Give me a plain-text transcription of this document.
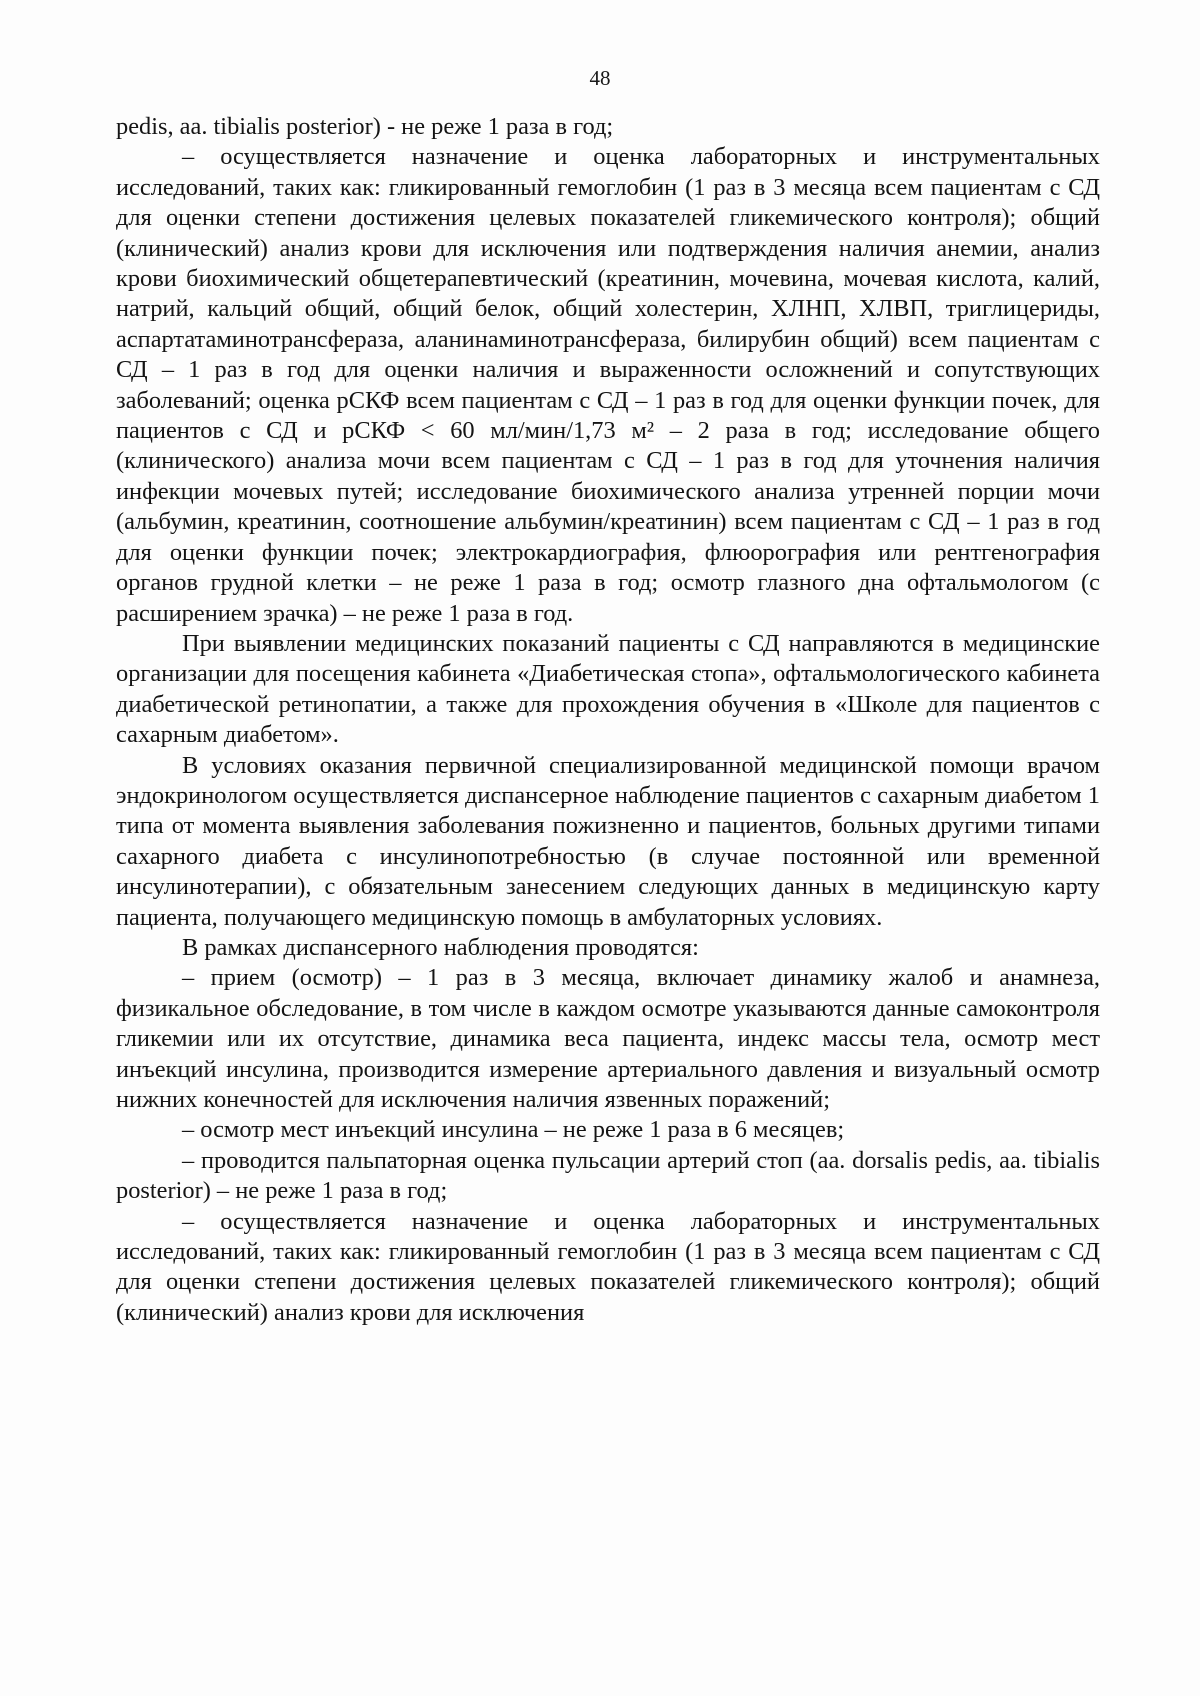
48

pedis, aa. tibialis posterior) - не реже 1 раза в год;

– осуществляется назначение и оценка лабораторных и инструментальных исследований, таких как: гликированный гемоглобин (1 раз в 3 месяца всем пациентам с СД для оценки степени достижения целевых показателей гликемического контроля); общий (клинический) анализ крови для исключения или подтверждения наличия анемии, анализ крови биохимический общетерапевтический (креатинин, мочевина, мочевая кислота, калий, натрий, кальций общий, общий белок, общий холестерин, ХЛНП, ХЛВП, триглицериды, аспартатаминотрансфераза, аланинаминотрансфераза, билирубин общий) всем пациентам с СД – 1 раз в год для оценки наличия и выраженности осложнений и сопутствующих заболеваний; оценка рСКФ всем пациентам с СД – 1 раз в год для оценки функции почек, для пациентов с СД и рСКФ < 60 мл/мин/1,73 м² – 2 раза в год; исследование общего (клинического) анализа мочи всем пациентам с СД – 1 раз в год для уточнения наличия инфекции мочевых путей; исследование биохимического анализа утренней порции мочи (альбумин, креатинин, соотношение альбумин/креатинин) всем пациентам с СД – 1 раз в год для оценки функции почек; электрокардиография, флюорография или рентгенография органов грудной клетки – не реже 1 раза в год; осмотр глазного дна офтальмологом (с расширением зрачка) – не реже 1 раза в год.

При выявлении медицинских показаний пациенты с СД направляются в медицинские организации для посещения кабинета «Диабетическая стопа», офтальмологического кабинета диабетической ретинопатии, а также для прохождения обучения в «Школе для пациентов с сахарным диабетом».

В условиях оказания первичной специализированной медицинской помощи врачом эндокринологом осуществляется диспансерное наблюдение пациентов с сахарным диабетом 1 типа от момента выявления заболевания пожизненно и пациентов, больных другими типами сахарного диабета с инсулинопотребностью (в случае постоянной или временной инсулинотерапии), с обязательным занесением следующих данных в медицинскую карту пациента, получающего медицинскую помощь в амбулаторных условиях.

В рамках диспансерного наблюдения проводятся:

– прием (осмотр) – 1 раз в 3 месяца, включает динамику жалоб и анамнеза, физикальное обследование, в том числе в каждом осмотре указываются данные самоконтроля гликемии или их отсутствие, динамика веса пациента, индекс массы тела, осмотр мест инъекций инсулина, производится измерение артериального давления и визуальный осмотр нижних конечностей для исключения наличия язвенных поражений;

– осмотр мест инъекций инсулина – не реже 1 раза в 6 месяцев;

– проводится пальпаторная оценка пульсации артерий стоп (aa. dorsalis pedis, aa. tibialis posterior) – не реже 1 раза в год;

– осуществляется назначение и оценка лабораторных и инструментальных исследований, таких как: гликированный гемоглобин (1 раз в 3 месяца всем пациентам с СД для оценки степени достижения целевых показателей гликемического контроля); общий (клинический) анализ крови для исключения
